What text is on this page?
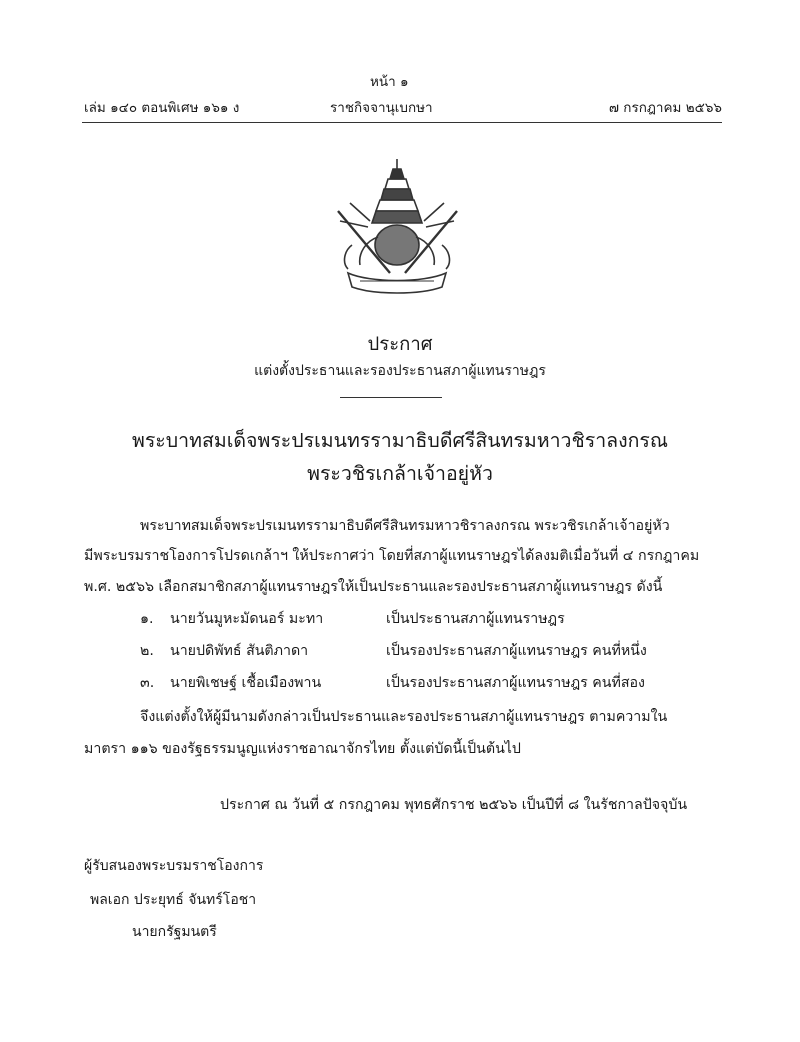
หน้า ๑
เล่ม ๑๔๐ ตอนพิเศษ ๑๖๑ ง	ราชกิจจานุเบกษา	๗ กรกฎาคม ๒๕๖๖
ประกาศ
แต่งตั้งประธานและรองประธานสภาผู้แทนราษฎร
พระบาทสมเด็จพระปรเมนทรรามาธิบดีศรีสินทรมหาวชิราลงกรณ
พระวชิรเกล้าเจ้าอยู่หัว
พระบาทสมเด็จพระปรเมนทรรามาธิบดีศรีสินทรมหาวชิราลงกรณ พระวชิรเกล้าเจ้าอยู่หัว
มีพระบรมราชโองการโปรดเกล้าฯ ให้ประกาศว่า โดยที่สภาผู้แทนราษฎรได้ลงมติเมื่อวันที่ ๔ กรกฎาคม
พ.ศ. ๒๕๖๖ เลือกสมาชิกสภาผู้แทนราษฎรให้เป็นประธานและรองประธานสภาผู้แทนราษฎร ดังนี้
๑. นายวันมูหะมัดนอร์ มะทา	เป็นประธานสภาผู้แทนราษฎร
๒. นายปดิพัทธ์ สันติภาดา	เป็นรองประธานสภาผู้แทนราษฎร คนที่หนึ่ง
๓. นายพิเชษฐ์ เชื้อเมืองพาน	เป็นรองประธานสภาผู้แทนราษฎร คนที่สอง
จึงแต่งตั้งให้ผู้มีนามดังกล่าวเป็นประธานและรองประธานสภาผู้แทนราษฎร ตามความใน
มาตรา ๑๑๖ ของรัฐธรรมนูญแห่งราชอาณาจักรไทย ตั้งแต่บัดนี้เป็นต้นไป
ประกาศ ณ วันที่ ๕ กรกฎาคม พุทธศักราช ๒๕๖๖ เป็นปีที่ ๘ ในรัชกาลปัจจุบัน
ผู้รับสนองพระบรมราชโองการ
พลเอก ประยุทธ์ จันทร์โอชา
นายกรัฐมนตรี
